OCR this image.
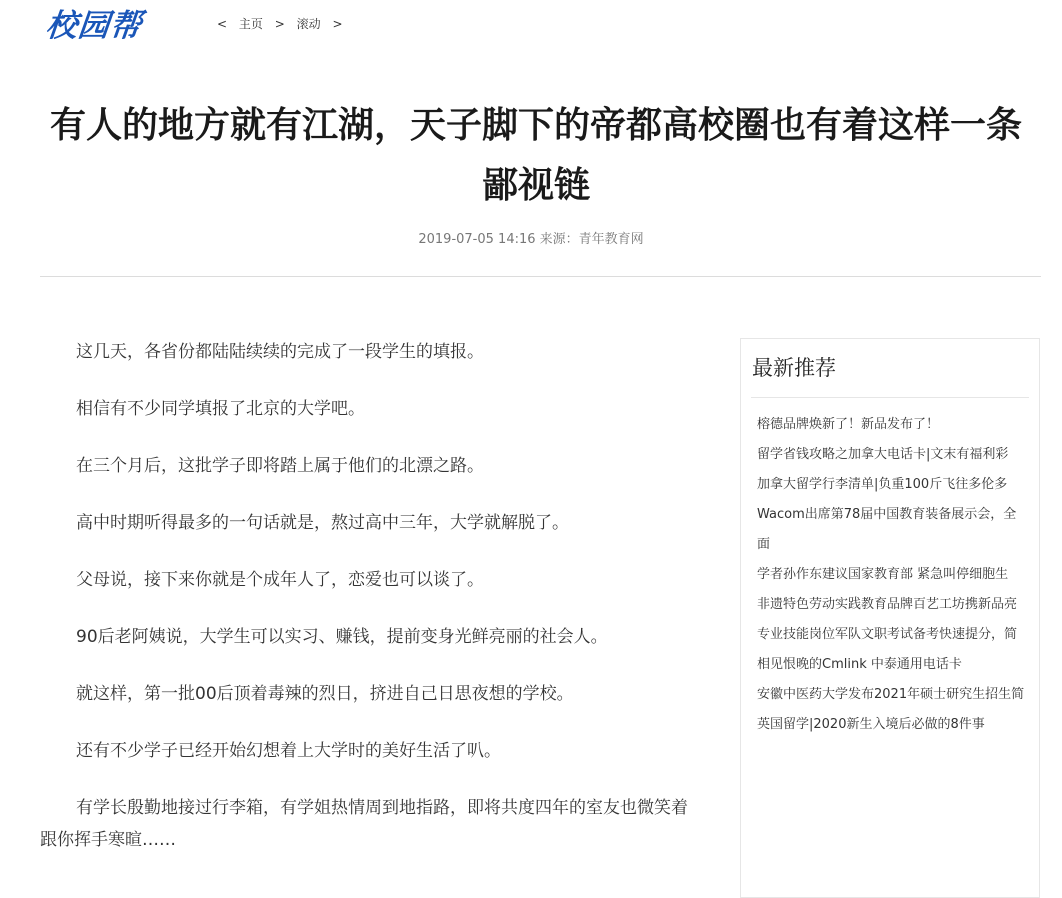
校园帮	< 主页 > 滚动 >
有人的地方就有江湖，天子脚下的帝都高校圈也有着这样一条鄙视链
2019-07-05 14:16 来源：青年教育网

这几天，各省份都陆陆续续的完成了一段学生的填报。

相信有不少同学填报了北京的大学吧。

在三个月后，这批学子即将踏上属于他们的北漂之路。

高中时期听得最多的一句话就是，熬过高中三年，大学就解脱了。

父母说，接下来你就是个成年人了，恋爱也可以谈了。

90后老阿姨说，大学生可以实习、赚钱，提前变身光鲜亮丽的社会人。

就这样，第一批00后顶着毒辣的烈日，挤进自己日思夜想的学校。

还有不少学子已经开始幻想着上大学时的美好生活了叭。

有学长殷勤地接过行李箱，有学姐热情周到地指路，即将共度四年的室友也微笑着跟你挥手寒暄……

最新推荐
榕德品牌焕新了！新品发布了！
留学省钱攻略之加拿大电话卡|文末有福利彩
加拿大留学行李清单|负重100斤飞往多伦多
Wacom出席第78届中国教育装备展示会，全面
学者孙作东建议国家教育部 紧急叫停细胞生
非遗特色劳动实践教育品牌百艺工坊携新品亮
专业技能岗位军队文职考试备考快速提分，简
相见恨晚的Cmlink 中泰通用电话卡
安徽中医药大学发布2021年硕士研究生招生简
英国留学|2020新生入境后必做的8件事
